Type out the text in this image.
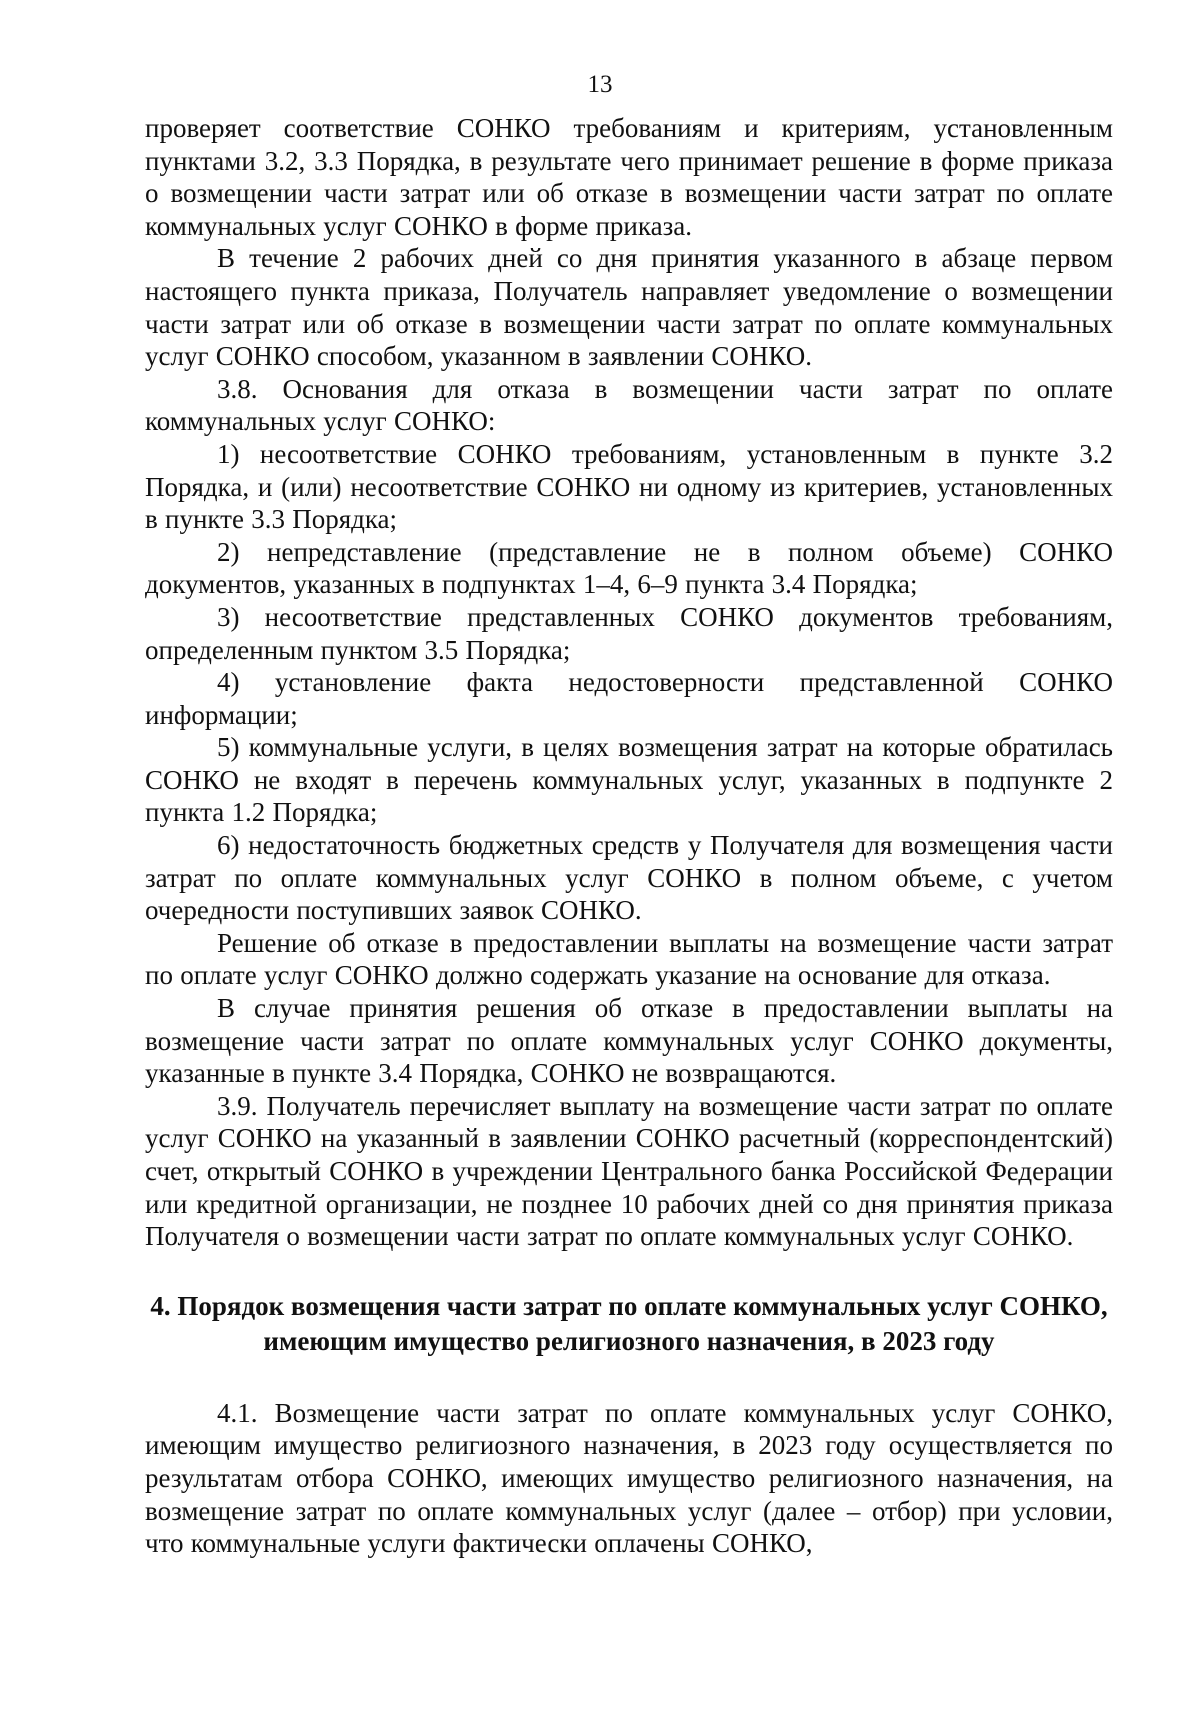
13

проверяет соответствие СОНКО требованиям и критериям, установленным пунктами 3.2, 3.3 Порядка, в результате чего принимает решение в форме приказа о возмещении части затрат или об отказе в возмещении части затрат по оплате коммунальных услуг СОНКО в форме приказа.

В течение 2 рабочих дней со дня принятия указанного в абзаце первом настоящего пункта приказа, Получатель направляет уведомление о возмещении части затрат или об отказе в возмещении части затрат по оплате коммунальных услуг СОНКО способом, указанном в заявлении СОНКО.

3.8. Основания для отказа в возмещении части затрат по оплате коммунальных услуг СОНКО:

1) несоответствие СОНКО требованиям, установленным в пункте 3.2 Порядка, и (или) несоответствие СОНКО ни одному из критериев, установленных в пункте 3.3 Порядка;

2) непредставление (представление не в полном объеме) СОНКО документов, указанных в подпунктах 1–4, 6–9 пункта 3.4 Порядка;

3) несоответствие представленных СОНКО документов требованиям, определенным пунктом 3.5 Порядка;

4) установление факта недостоверности представленной СОНКО информации;

5) коммунальные услуги, в целях возмещения затрат на которые обратилась СОНКО не входят в перечень коммунальных услуг, указанных в подпункте 2 пункта 1.2 Порядка;

6) недостаточность бюджетных средств у Получателя для возмещения части затрат по оплате коммунальных услуг СОНКО в полном объеме, с учетом очередности поступивших заявок СОНКО.

Решение об отказе в предоставлении выплаты на возмещение части затрат по оплате услуг СОНКО должно содержать указание на основание для отказа.

В случае принятия решения об отказе в предоставлении выплаты на возмещение части затрат по оплате коммунальных услуг СОНКО документы, указанные в пункте 3.4 Порядка, СОНКО не возвращаются.

3.9. Получатель перечисляет выплату на возмещение части затрат по оплате услуг СОНКО на указанный в заявлении СОНКО расчетный (корреспондентский) счет, открытый СОНКО в учреждении Центрального банка Российской Федерации или кредитной организации, не позднее 10 рабочих дней со дня принятия приказа Получателя о возмещении части затрат по оплате коммунальных услуг СОНКО.

4. Порядок возмещения части затрат по оплате коммунальных услуг СОНКО,
имеющим имущество религиозного назначения, в 2023 году

4.1. Возмещение части затрат по оплате коммунальных услуг СОНКО, имеющим имущество религиозного назначения, в 2023 году осуществляется по результатам отбора СОНКО, имеющих имущество религиозного назначения, на возмещение затрат по оплате коммунальных услуг (далее – отбор) при условии, что коммунальные услуги фактически оплачены СОНКО,
